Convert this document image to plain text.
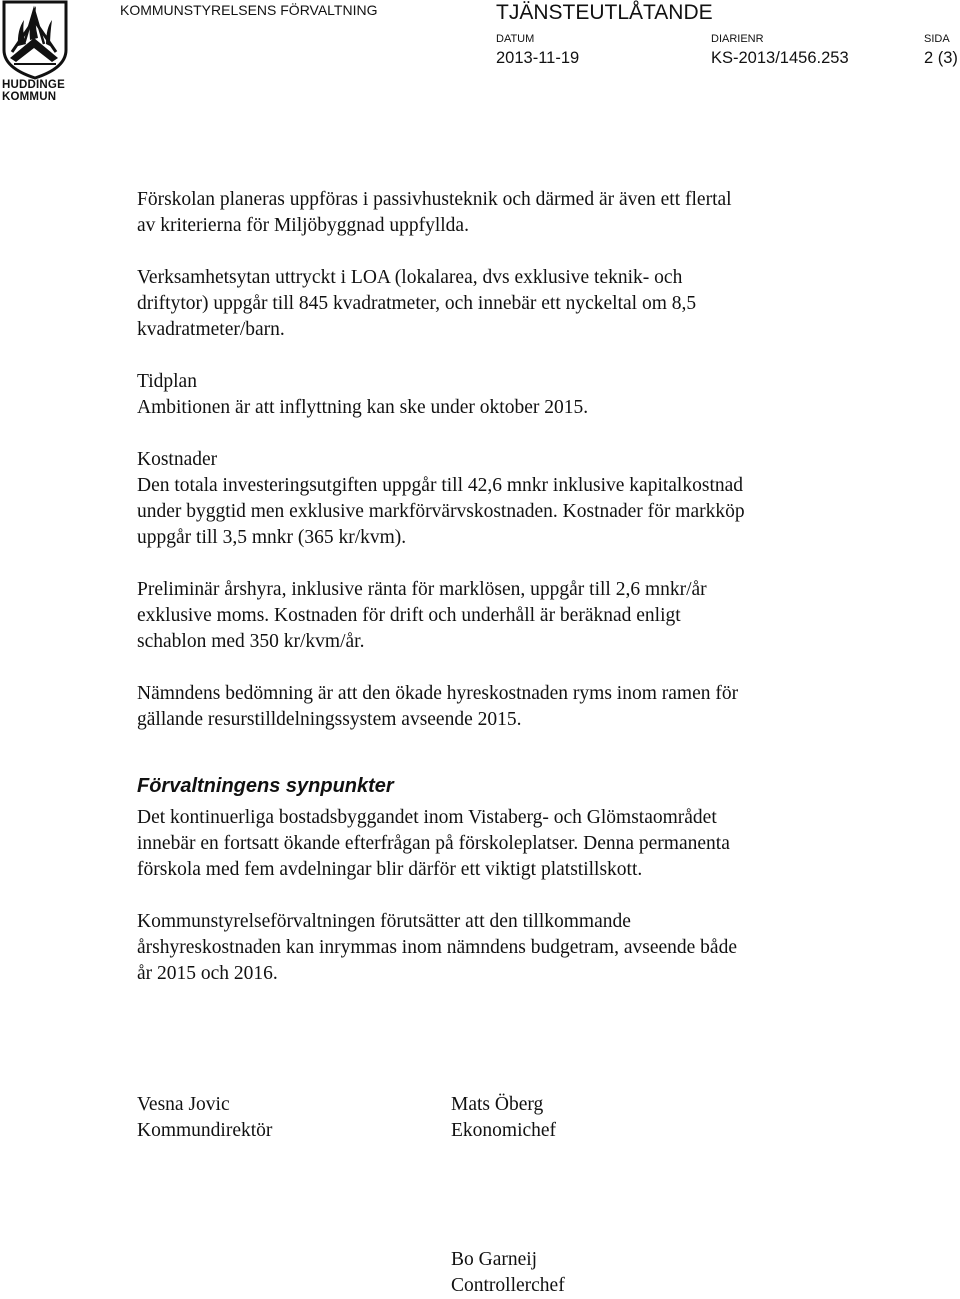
HUDDINGE
KOMMUN
KOMMUNSTYRELSENS FÖRVALTNING	TJÄNSTEUTLÅTANDE
DATUM
2013-11-19
DIARIENR
KS-2013/1456.253
SIDA
2 (3)

Förskolan planeras uppföras i passivhusteknik och därmed är även ett flertal
av kriterierna för Miljöbyggnad uppfyllda.

Verksamhetsytan uttryckt i LOA (lokalarea, dvs exklusive teknik- och
driftytor) uppgår till 845 kvadratmeter, och innebär ett nyckeltal om 8,5
kvadratmeter/barn.

Tidplan
Ambitionen är att inflyttning kan ske under oktober 2015.

Kostnader
Den totala investeringsutgiften uppgår till 42,6 mnkr inklusive kapitalkostnad
under byggtid men exklusive markförvärvskostnaden. Kostnader för markköp
uppgår till 3,5 mnkr (365 kr/kvm).

Preliminär årshyra, inklusive ränta för marklösen, uppgår till 2,6 mnkr/år
exklusive moms. Kostnaden för drift och underhåll är beräknad enligt
schablon med 350 kr/kvm/år.

Nämndens bedömning är att den ökade hyreskostnaden ryms inom ramen för
gällande resurstilldelningssystem avseende 2015.

Förvaltningens synpunkter

Det kontinuerliga bostadsbyggandet inom Vistaberg- och Glömstaområdet
innebär en fortsatt ökande efterfrågan på förskoleplatser. Denna permanenta
förskola med fem avdelningar blir därför ett viktigt platstillskott.

Kommunstyrelseförvaltningen förutsätter att den tillkommande
årshyreskostnaden kan inrymmas inom nämndens budgetram, avseende både
år 2015 och 2016.

Vesna Jovic
Kommundirektör
Mats Öberg
Ekonomichef
Bo Garneij
Controllerchef
